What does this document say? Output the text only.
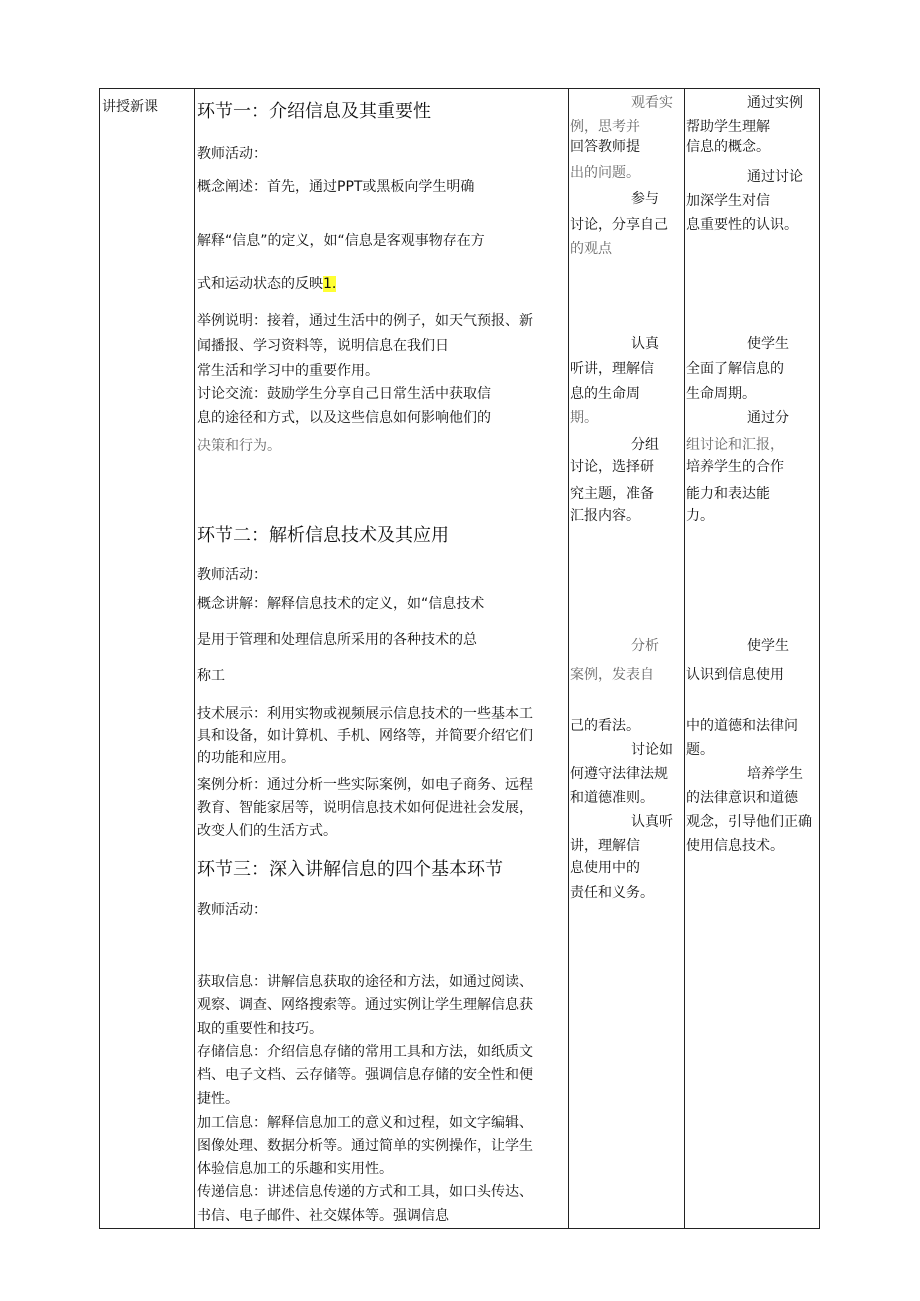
讲授新课 环节一：介绍信息及其重要性
教师活动：
概念阐述：首先，通过PPT或黑板向学生明确
解释“信息”的定义，如“信息是客观事物存在方
式和运动状态的反映1.
举例说明：接着，通过生活中的例子，如天气预报、新
闻播报、学习资料等，说明信息在我们日
常生活和学习中的重要作用。
讨论交流：鼓励学生分享自己日常生活中获取信
息的途径和方式，以及这些信息如何影响他们的
决策和行为。
环节二：解析信息技术及其应用
教师活动：
概念讲解：解释信息技术的定义，如“信息技术
是用于管理和处理信息所采用的各种技术的总
称工
技术展示：利用实物或视频展示信息技术的一些基本工
具和设备，如计算机、手机、网络等，并简要介绍它们
的功能和应用。
案例分析：通过分析一些实际案例，如电子商务、远程
教育、智能家居等，说明信息技术如何促进社会发展，
改变人们的生活方式。
环节三：深入讲解信息的四个基本环节
教师活动：
获取信息：讲解信息获取的途径和方法，如通过阅读、
观察、调查、网络搜索等。通过实例让学生理解信息获
取的重要性和技巧。
存储信息：介绍信息存储的常用工具和方法，如纸质文
档、电子文档、云存储等。强调信息存储的安全性和便
捷性。
加工信息：解释信息加工的意义和过程，如文字编辑、
图像处理、数据分析等。通过简单的实例操作，让学生
体验信息加工的乐趣和实用性。
传递信息：讲述信息传递的方式和工具，如口头传达、
书信、电子邮件、社交媒体等。强调信息
观看实
例，思考并
回答教师提
出的问题。
参与
讨论，分享自己
的观点
认真
听讲，理解信
息的生命周
期。
分组
讨论，选择研
究主题，准备
汇报内容。
分析
案例，发表自
己的看法。
讨论如
何遵守法律法规
和道德准则。
认真听
讲，理解信
息使用中的
责任和义务。
通过实例
帮助学生理解
信息的概念。
通过讨论
加深学生对信
息重要性的认识。
使学生
全面了解信息的
生命周期。
通过分
组讨论和汇报，
培养学生的合作
能力和表达能
力。
使学生
认识到信息使用
中的道德和法律问
题。
培养学生
的法律意识和道德
观念，引导他们正确
使用信息技术。
